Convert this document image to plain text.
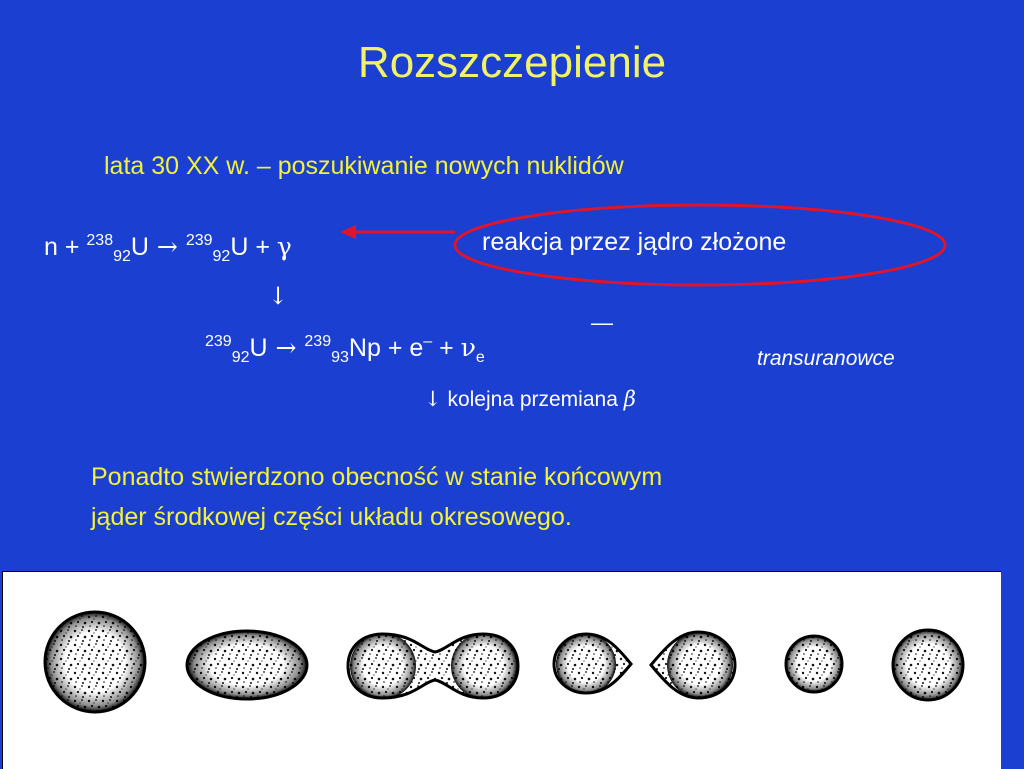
Rozszczepienie
lata 30 XX w. – poszukiwanie nowych nuklidów
n + $^{238}_{92}$U → $^{239}_{92}$U + γ
↓
—
$^{239}_{92}U \to ^{239}_{93}Np + e^- + \nu_e$
↓ kolejna przemiana β
reakcja przez jądro złożone
transuranowce
Ponadto stwierdzono obecność w stanie końcowym
jąder środkowej części układu okresowego.
